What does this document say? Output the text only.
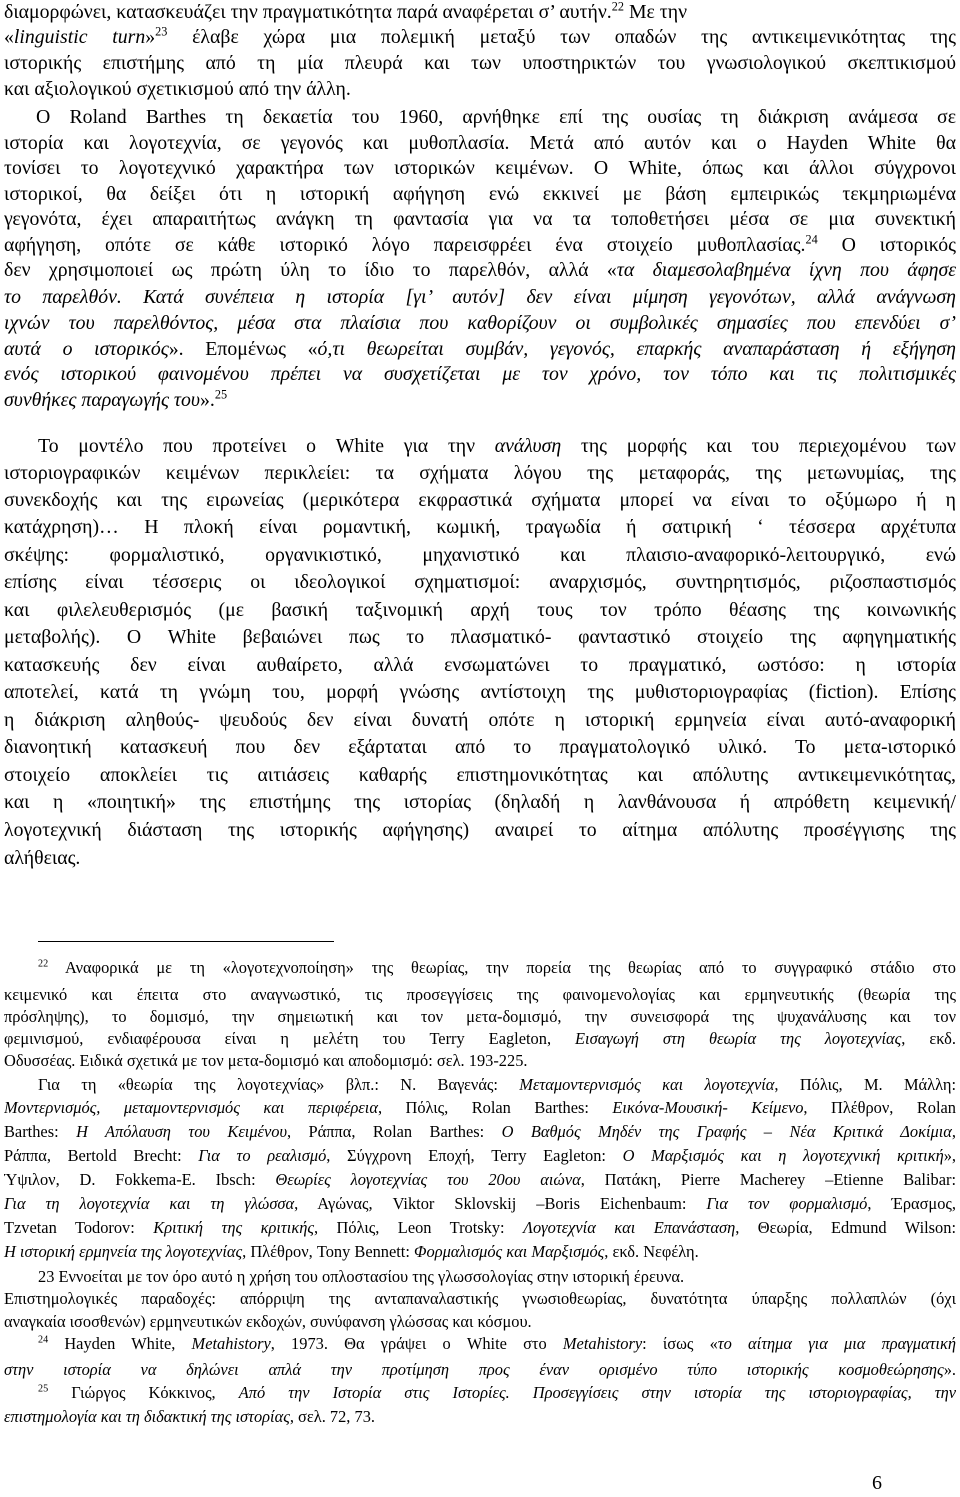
διαμορφώνει, κατασκευάζει την πραγματικότητα παρά αναφέρεται σ’ αυτήν.$^{22}$ Με την
«linguistic turn»$^{23}$ έλαβε χώρα μια πολεμική μεταξύ των οπαδών της αντικειμενικότητας της
ιστορικής επιστήμης από τη μία πλευρά και των υποστηρικτών του γνωσιολογικού σκεπτικισμού
και αξιολογικού σχετικισμού από την άλλη.
Ο Roland Barthes τη δεκαετία του 1960, αρνήθηκε επί της ουσίας τη διάκριση ανάμεσα σε
ιστορία και λογοτεχνία, σε γεγονός και μυθοπλασία. Μετά από αυτόν και ο Hayden White θα
τονίσει το λογοτεχνικό χαρακτήρα των ιστορικών κειμένων. Ο White, όπως και άλλοι σύγχρονοι
ιστορικοί, θα δείξει ότι η ιστορική αφήγηση ενώ εκκινεί με βάση εμπειρικώς τεκμηριωμένα
γεγονότα, έχει απαραιτήτως ανάγκη τη φαντασία για να τα τοποθετήσει μέσα σε μια συνεκτική
αφήγηση, οπότε σε κάθε ιστορικό λόγο παρεισφρέει ένα στοιχείο μυθοπλασίας.$^{24}$ Ο ιστορικός
δεν χρησιμοποιεί ως πρώτη ύλη το ίδιο το παρελθόν, αλλά «τα διαμεσολαβημένα ίχνη που άφησε
το παρελθόν. Κατά συνέπεια η ιστορία [γι’ αυτόν] δεν είναι μίμηση γεγονότων, αλλά ανάγνωση
ιχνών του παρελθόντος, μέσα στα πλαίσια που καθορίζουν οι συμβολικές σημασίες που επενδύει σ’
αυτά ο ιστορικός». Επομένως «ό,τι θεωρείται συμβάν, γεγονός, επαρκής αναπαράσταση ή εξήγηση
ενός ιστορικού φαινομένου πρέπει να συσχετίζεται με τον χρόνο, τον τόπο και τις πολιτισμικές
συνθήκες παραγωγής του».$^{25}$
Το μοντέλο που προτείνει ο White για την ανάλυση της μορφής και του περιεχομένου των
ιστοριογραφικών κειμένων περικλείει: τα σχήματα λόγου της μεταφοράς, της μετωνυμίας, της
συνεκδοχής και της ειρωνείας (μερικότερα εκφραστικά σχήματα μπορεί να είναι το οξύμωρο ή η
κατάχρηση)… Η πλοκή είναι ρομαντική, κωμική, τραγωδία ή σατιρική ‘ τέσσερα αρχέτυπα
σκέψης: φορμαλιστικό, οργανικιστικό, μηχανιστικό και πλαισιο-αναφορικό-λειτουργικό, ενώ
επίσης είναι τέσσερις οι ιδεολογικοί σχηματισμοί: αναρχισμός, συντηρητισμός, ριζοσπαστισμός
και φιλελευθερισμός (με βασική ταξινομική αρχή τους τον τρόπο θέασης της κοινωνικής
μεταβολής). Ο White βεβαιώνει πως το πλασματικό- φανταστικό στοιχείο της αφηγηματικής
κατασκευής δεν είναι αυθαίρετο, αλλά ενσωματώνει το πραγματικό, ωστόσο: η ιστορία
αποτελεί, κατά τη γνώμη του, μορφή γνώσης αντίστοιχη της μυθιστοριογραφίας (fiction). Επίσης
η διάκριση αληθούς- ψευδούς δεν είναι δυνατή οπότε η ιστορική ερμηνεία είναι αυτό-αναφορική
διανοητική κατασκευή που δεν εξάρταται από το πραγματολογικό υλικό. Το μετα-ιστορικό
στοιχείο αποκλείει τις αιτιάσεις καθαρής επιστημονικότητας και απόλυτης αντικειμενικότητας,
και η «ποιητική» της επιστήμης της ιστορίας (δηλαδή η λανθάνουσα ή απρόθετη κειμενική/
λογοτεχνική διάσταση της ιστορικής αφήγησης) αναιρεί το αίτημα απόλυτης προσέγγισης της
αλήθειας.
$^{22}$ Αναφορικά με τη «λογοτεχνοποίηση» της θεωρίας, την πορεία της θεωρίας από το συγγραφικό στάδιο στο
κειμενικό και έπειτα στο αναγνωστικό, τις προσεγγίσεις της φαινομενολογίας και ερμηνευτικής (θεωρία της
πρόσληψης), το δομισμό, την σημειωτική και τον μετα-δομισμό, την συνεισφορά της ψυχανάλυσης και τον
φεμινισμού, ενδιαφέρουσα είναι η μελέτη του Terry Eagleton, Εισαγωγή στη θεωρία της λογοτεχνίας, εκδ.
Οδυσσέας. Ειδικά σχετικά με τον μετα-δομισμό και αποδομισμό: σελ. 193-225.
Για τη «θεωρία της λογοτεχνίας» βλπ.: Ν. Βαγενάς: Μεταμοντερνισμός και λογοτεχνία, Πόλις, Μ. Μάλλη:
Μοντερνισμός, μεταμοντερνισμός και περιφέρεια, Πόλις, Rolan Barthes: Εικόνα-Μουσική- Κείμενο, Πλέθρον, Rolan
Barthes: Η Απόλαυση του Κειμένου, Ράππα, Rolan Barthes: Ο Βαθμός Μηδέν της Γραφής – Νέα Κριτικά Δοκίμια,
Ράππα, Bertold Brecht: Για το ρεαλισμό, Σύγχρονη Εποχή, Terry Eagleton: Ο Μαρξισμός και η λογοτεχνική κριτική»,
Ύψιλον, D. Fokkema-E. Ibsch: Θεωρίες λογοτεχνίας του 20ου αιώνα, Πατάκη, Pierre Macherey –Etienne Balibar:
Για τη λογοτεχνία και τη γλώσσα, Αγώνας, Viktor Sklovskij –Boris Eichenbaum: Για τον φορμαλισμό, Έρασμος,
Tzvetan Todorov: Κριτική της κριτικής, Πόλις, Leon Trotsky: Λογοτεχνία και Επανάσταση, Θεωρία, Edmund Wilson:
Η ιστορική ερμηνεία της λογοτεχνίας, Πλέθρον, Tony Bennett: Φορμαλισμός και Μαρξισμός, εκδ. Νεφέλη.
23 Εννοείται με τον όρο αυτό η χρήση του οπλοστασίου της γλωσσολογίας στην ιστορική έρευνα.
Επιστημολογικές παραδοχές: απόρριψη της ανταπαναλαστικής γνωσιοθεωρίας, δυνατότητα ύπαρξης πολλαπλών (όχι
αναγκαία ισοσθενών) ερμηνευτικών εκδοχών, συνύφανση γλώσσας και κόσμου.
$^{24}$ Hayden White, Metahistory, 1973. Θα γράψει ο White στο Metahistory: ίσως «το αίτημα για μια πραγματική
στην ιστορία να δηλώνει απλά την προτίμηση προς έναν ορισμένο τύπο ιστορικής κοσμοθεώρησης».
$^{25}$ Γιώργος Κόκκινος, Από την Ιστορία στις Ιστορίες. Προσεγγίσεις στην ιστορία της ιστοριογραφίας, την
επιστημολογία και τη διδακτική της ιστορίας, σελ. 72, 73.
6
